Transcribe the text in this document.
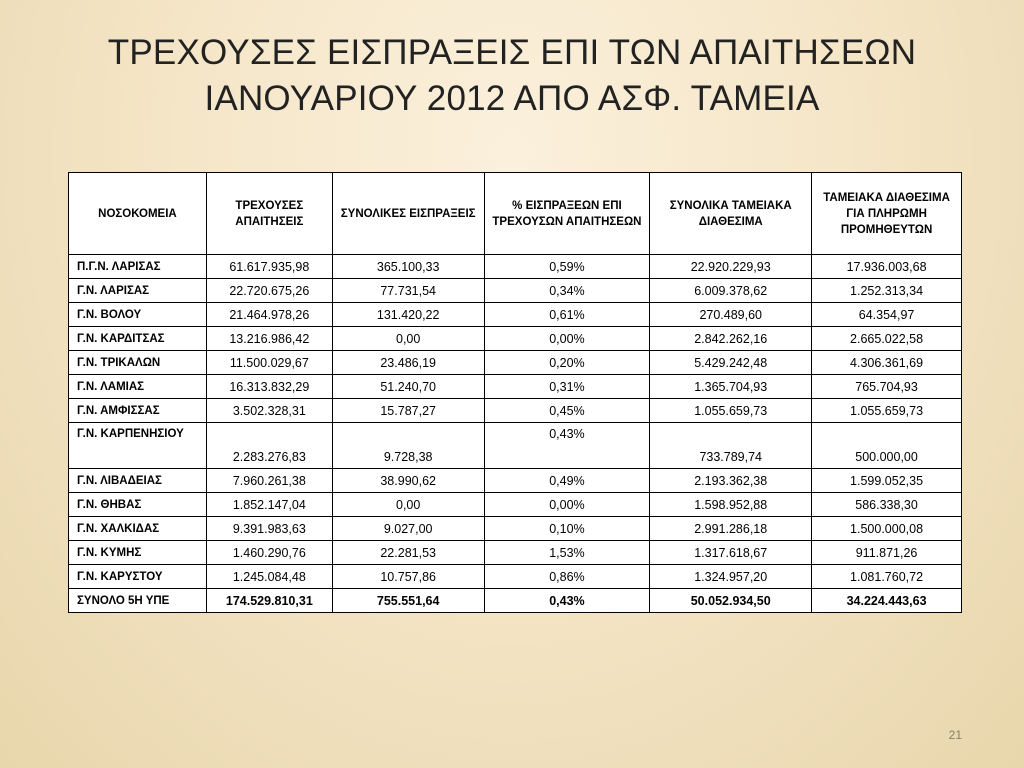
ΤΡΕΧΟΥΣΕΣ ΕΙΣΠΡΑΞΕΙΣ ΕΠΙ ΤΩΝ ΑΠΑΙΤΗΣΕΩΝ
ΙΑΝΟΥΑΡΙΟΥ 2012 ΑΠΟ ΑΣΦ. ΤΑΜΕΙΑ
ΝΟΣΟΚΟΜΕΙΑ	ΤΡΕΧΟΥΣΕΣ ΑΠΑΙΤΗΣΕΙΣ	ΣΥΝΟΛΙΚΕΣ ΕΙΣΠΡΑΞΕΙΣ	% ΕΙΣΠΡΑΞΕΩΝ ΕΠΙ ΤΡΕΧΟΥΣΩΝ ΑΠΑΙΤΗΣΕΩΝ	ΣΥΝΟΛΙΚΑ ΤΑΜΕΙΑΚΑ ΔΙΑΘΕΣΙΜΑ	ΤΑΜΕΙΑΚΑ ΔΙΑΘΕΣΙΜΑ ΓΙΑ ΠΛΗΡΩΜΗ ΠΡΟΜΗΘΕΥΤΩΝ
Π.Γ.Ν. ΛΑΡΙΣΑΣ	61.617.935,98	365.100,33	0,59%	22.920.229,93	17.936.003,68
Γ.Ν. ΛΑΡΙΣΑΣ	22.720.675,26	77.731,54	0,34%	6.009.378,62	1.252.313,34
Γ.Ν. ΒΟΛΟΥ	21.464.978,26	131.420,22	0,61%	270.489,60	64.354,97
Γ.Ν. ΚΑΡΔΙΤΣΑΣ	13.216.986,42	0,00	0,00%	2.842.262,16	2.665.022,58
Γ.Ν. ΤΡΙΚΑΛΩΝ	11.500.029,67	23.486,19	0,20%	5.429.242,48	4.306.361,69
Γ.Ν. ΛΑΜΙΑΣ	16.313.832,29	51.240,70	0,31%	1.365.704,93	765.704,93
Γ.Ν. ΑΜΦΙΣΣΑΣ	3.502.328,31	15.787,27	0,45%	1.055.659,73	1.055.659,73
Γ.Ν. ΚΑΡΠΕΝΗΣΙΟΥ	2.283.276,83	9.728,38	0,43%	733.789,74	500.000,00
Γ.Ν. ΛΙΒΑΔΕΙΑΣ	7.960.261,38	38.990,62	0,49%	2.193.362,38	1.599.052,35
Γ.Ν. ΘΗΒΑΣ	1.852.147,04	0,00	0,00%	1.598.952,88	586.338,30
Γ.Ν. ΧΑΛΚΙΔΑΣ	9.391.983,63	9.027,00	0,10%	2.991.286,18	1.500.000,08
Γ.Ν. ΚΥΜΗΣ	1.460.290,76	22.281,53	1,53%	1.317.618,67	911.871,26
Γ.Ν. ΚΑΡΥΣΤΟΥ	1.245.084,48	10.757,86	0,86%	1.324.957,20	1.081.760,72
ΣΥΝΟΛΟ 5Η ΥΠΕ	174.529.810,31	755.551,64	0,43%	50.052.934,50	34.224.443,63
21
